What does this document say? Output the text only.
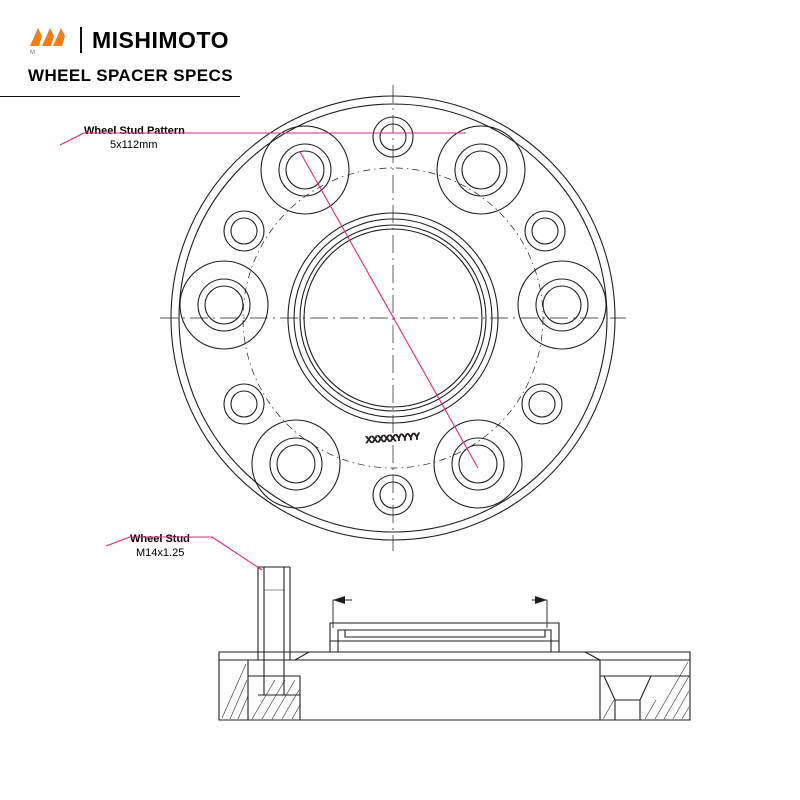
M
MISHIMOTO
WHEEL SPACER SPECS
Wheel Stud Pattern
5x112mm
Wheel Stud
M14x1.25
XXXXXYYYY
